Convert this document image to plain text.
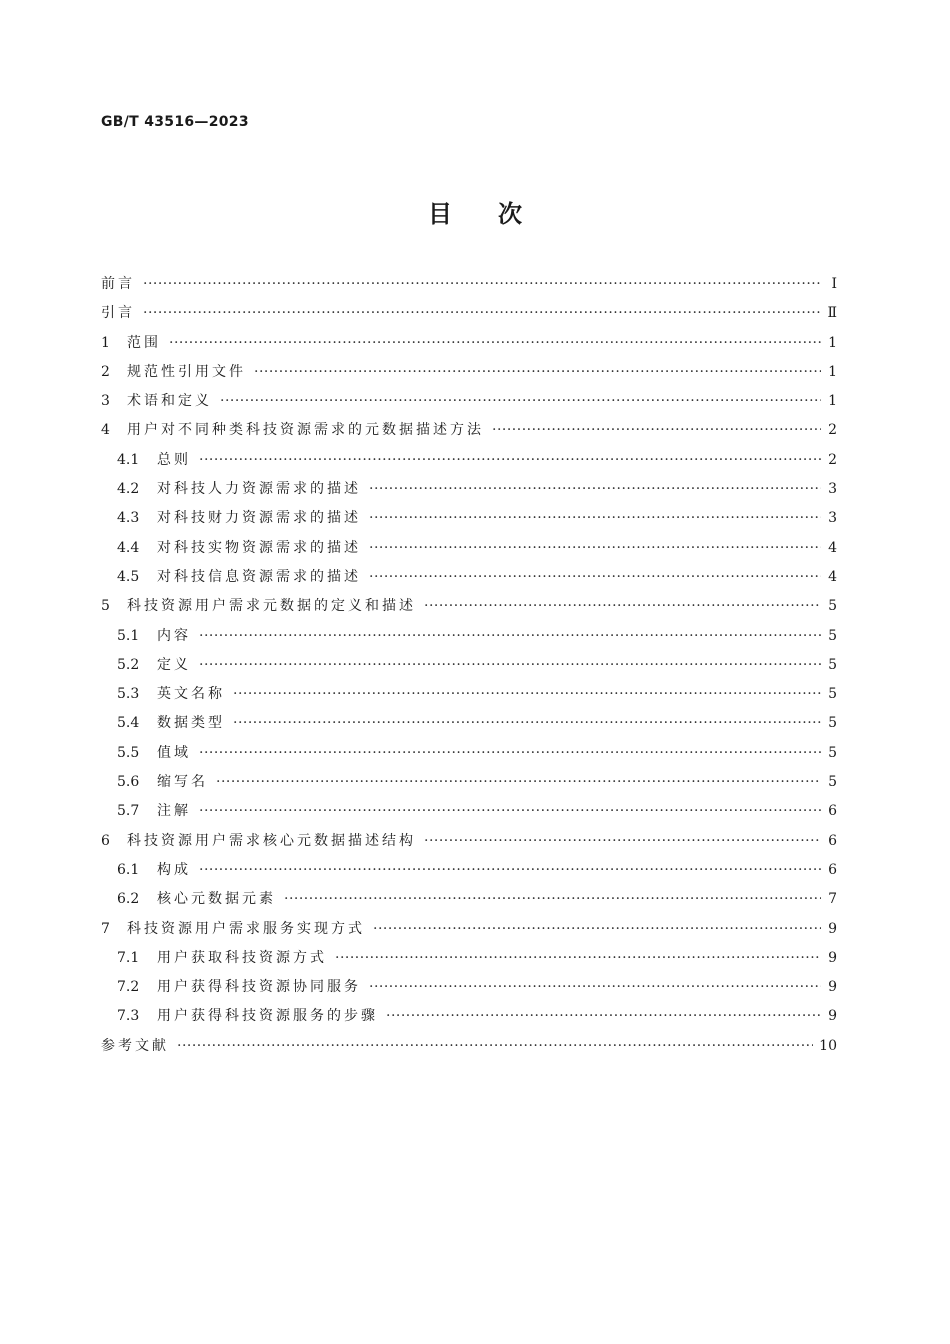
GB/T 43516—2023
目次
前言 ·····	Ⅰ
引言 ·····	Ⅱ
1	范围 ·····	1
2	规范性引用文件 ·····	1
3	术语和定义 ·····	1
4	用户对不同种类科技资源需求的元数据描述方法 ·····	2
4.1	总则 ·····	2
4.2	对科技人力资源需求的描述 ·····	3
4.3	对科技财力资源需求的描述 ·····	3
4.4	对科技实物资源需求的描述 ·····	4
4.5	对科技信息资源需求的描述 ·····	4
5	科技资源用户需求元数据的定义和描述 ·····	5
5.1	内容 ·····	5
5.2	定义 ·····	5
5.3	英文名称 ·····	5
5.4	数据类型 ·····	5
5.5	值域 ·····	5
5.6	缩写名 ·····	5
5.7	注解 ·····	6
6	科技资源用户需求核心元数据描述结构 ·····	6
6.1	构成 ·····	6
6.2	核心元数据元素 ·····	7
7	科技资源用户需求服务实现方式 ·····	9
7.1	用户获取科技资源方式 ·····	9
7.2	用户获得科技资源协同服务 ·····	9
7.3	用户获得科技资源服务的步骤 ·····	9
参考文献 ·····	10
